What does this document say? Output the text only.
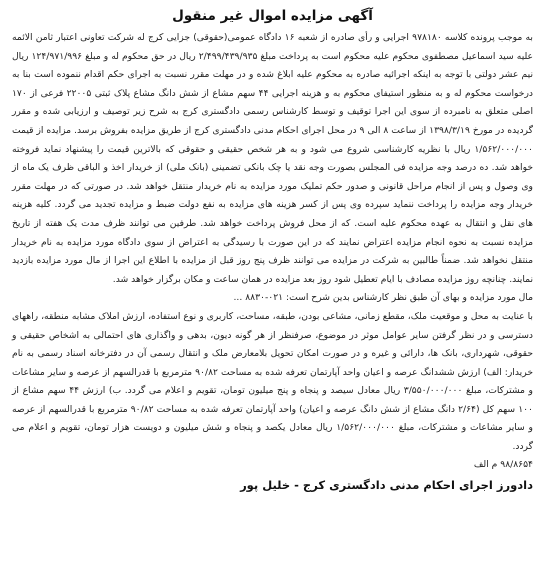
آگهی مزایده اموال غیر منقول

به موجب پرونده کلاسه ۹۷۸۱۸۰ اجرایی و رأی صادره از شعبه ۱۶ دادگاه عمومی(حقوقی) جزایی کرج له شرکت تعاونی اعتبار ثامن الائمه علیه سید اسماعیل مصطفوی محکوم علیه محکوم است به پرداخت مبلغ ۲/۴۹۹/۴۳۹/۹۳۵ ریال در حق محکوم له و مبلغ ۱۲۴/۹۷۱/۹۹۶ ریال نیم عشر دولتی با توجه به اینکه اجرائیه صادره به محکوم علیه ابلاغ شده و در مهلت مقرر نسبت به اجرای حکم اقدام ننموده است بنا به درخواست محکوم له و به منظور استیفای محکوم به و هزینه اجرایی ۴۴ سهم مشاع از شش دانگ مشاع پلاک ثبتی ۲۲۰۰۵ فرعی از ۱۷۰ اصلی متعلق به نامبرده از سوی این اجرا توقیف و توسط کارشناس رسمی دادگستری کرج به شرح زیر توصیف و ارزیابی شده و مقرر گردیده در مورخ ۱۳۹۸/۳/۱۹ از ساعت ۸ الی ۹ در محل اجرای احکام مدنی دادگستری کرج از طریق مزایده بفروش برسد. مزایده از قیمت ۱/۵۶۲/۰۰۰/۰۰۰ ریال با نظریه کارشناسی شروع می شود و به هر شخص حقیقی و حقوقی که بالاترین قیمت را پیشنهاد نماید فروخته خواهد شد. ده درصد وجه مزایده فی المجلس بصورت وجه نقد یا چک بانکی تضمینی (بانک ملی) از خریدار اخذ و الباقی ظرف یک ماه از وی وصول و پس از انجام مراحل قانونی و صدور حکم تملیک مورد مزایده به نام خریدار منتقل خواهد شد. در صورتی که در مهلت مقرر خریدار وجه مزایده را پرداخت ننماید سپرده وی پس از کسر هزینه های مزایده به نفع دولت ضبط و مزایده تجدید می گردد. کلیه هزینه های نقل و انتقال به عهده محکوم علیه است. که از محل فروش پرداخت خواهد شد. طرفین می توانند ظرف مدت یک هفته از تاریخ مزایده نسبت به نحوه انجام مزایده اعتراض نمایند که در این صورت با رسیدگی به اعتراض از سوی دادگاه مورد مزایده به نام خریدار منتقل نخواهد شد. ضمناً طالبین به شرکت در مزایده می توانند ظرف پنج روز قبل از مزایده با اطلاع این اجرا از مال مورد مزایده بازدید نمایند. چنانچه روز مزایده مصادف با ایام تعطیل شود روز بعد مزایده در همان ساعت و مکان برگزار خواهد شد.

مال مورد مزایده و بهای آن طبق نظر کارشناس بدین شرح است: ۰۲۱-۸۸۳۰ ...

با عنایت به محل و موقعیت ملک، مقطع زمانی، مشاعی بودن، طبقه، مساحت، کاربری و نوع استفاده، ارزش املاک مشابه منطقه، راههای دسترسی و در نظر گرفتن سایر عوامل موثر در موضوع، صرفنظر از هر گونه دیون، بدهی و واگذاری های احتمالی به اشخاص حقیقی و حقوقی، شهرداری، بانک ها، دارائی و غیره و در صورت امکان تحویل بلامعارض ملک و انتقال رسمی آن در دفترخانه اسناد رسمی به نام خریدار: الف) ارزش ششدانگ عرصه و اعیان واحد آپارتمان تعرفه شده به مساحت ۹۰/۸۲ مترمربع با قدرالسهم از عرصه و سایر مشاعات و مشترکات، مبلغ ۳/۵۵۰/۰۰۰/۰۰۰ ریال معادل سیصد و پنجاه و پنج میلیون تومان، تقویم و اعلام می گردد. ب) ارزش ۴۴ سهم مشاع از ۱۰۰ سهم کل (۲/۶۴ دانگ مشاع از شش دانگ عرصه و اعیان) واحد آپارتمان تعرفه شده به مساحت ۹۰/۸۲ مترمربع با قدرالسهم از عرصه و سایر مشاعات و مشترکات، مبلغ ۱/۵۶۲/۰۰۰/۰۰۰ ریال معادل یکصد و پنجاه و شش میلیون و دویست هزار تومان، تقویم و اعلام می گردد.

۹۸/۸۶۵۴ م الف

دادورز اجرای احکام مدنی دادگستری کرج - خلیل پور
